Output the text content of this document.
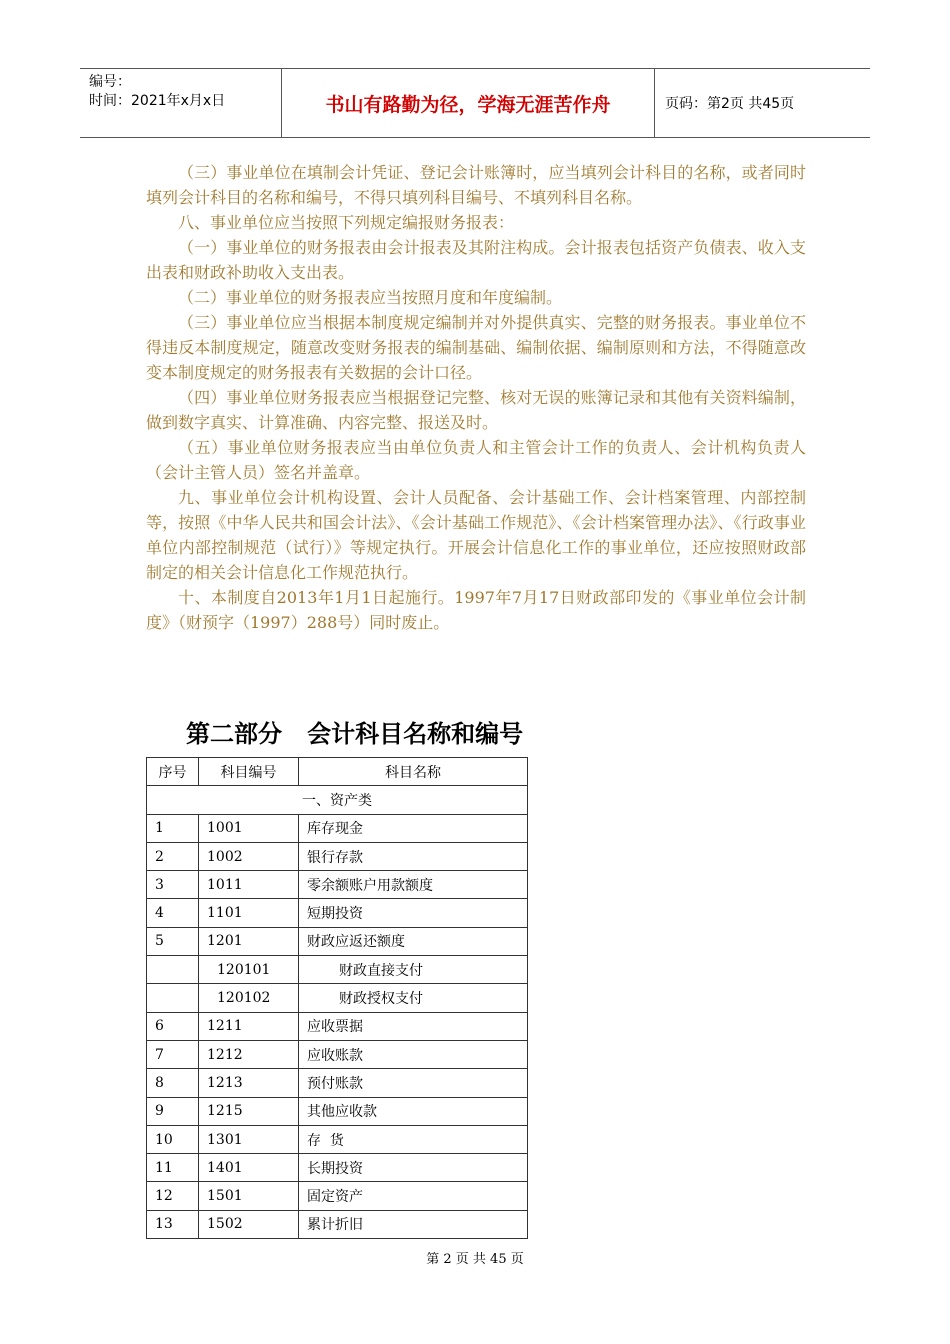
编号：
时间：2021年x月x日	书山有路勤为径，学海无涯苦作舟	页码：第2页 共45页

（三）事业单位在填制会计凭证、登记会计账簿时，应当填列会计科目的名称，或者同时填列会计科目的名称和编号，不得只填列科目编号、不填列科目名称。

八、事业单位应当按照下列规定编报财务报表：

（一）事业单位的财务报表由会计报表及其附注构成。会计报表包括资产负债表、收入支出表和财政补助收入支出表。

（二）事业单位的财务报表应当按照月度和年度编制。

（三）事业单位应当根据本制度规定编制并对外提供真实、完整的财务报表。事业单位不得违反本制度规定，随意改变财务报表的编制基础、编制依据、编制原则和方法，不得随意改变本制度规定的财务报表有关数据的会计口径。

（四）事业单位财务报表应当根据登记完整、核对无误的账簿记录和其他有关资料编制，做到数字真实、计算准确、内容完整、报送及时。

（五）事业单位财务报表应当由单位负责人和主管会计工作的负责人、会计机构负责人（会计主管人员）签名并盖章。

九、事业单位会计机构设置、会计人员配备、会计基础工作、会计档案管理、内部控制等，按照《中华人民共和国会计法》、《会计基础工作规范》、《会计档案管理办法》、《行政事业单位内部控制规范（试行）》等规定执行。开展会计信息化工作的事业单位，还应按照财政部制定的相关会计信息化工作规范执行。

十、本制度自2013年1月1日起施行。1997年7月17日财政部印发的《事业单位会计制度》（财预字（1997）288号）同时废止。

第二部分   会计科目名称和编号
序号	科目编号	科目名称
一、资产类		
1	1001	库存现金
2	1002	银行存款
3	1011	零余额账户用款额度
4	1101	短期投资
5	1201	财政应返还额度
	120101	财政直接支付
	120102	财政授权支付
6	1211	应收票据
7	1212	应收账款
8	1213	预付账款
9	1215	其他应收款
10	1301	存  货
11	1401	长期投资
12	1501	固定资产
13	1502	累计折旧
第 2 页 共 45 页
